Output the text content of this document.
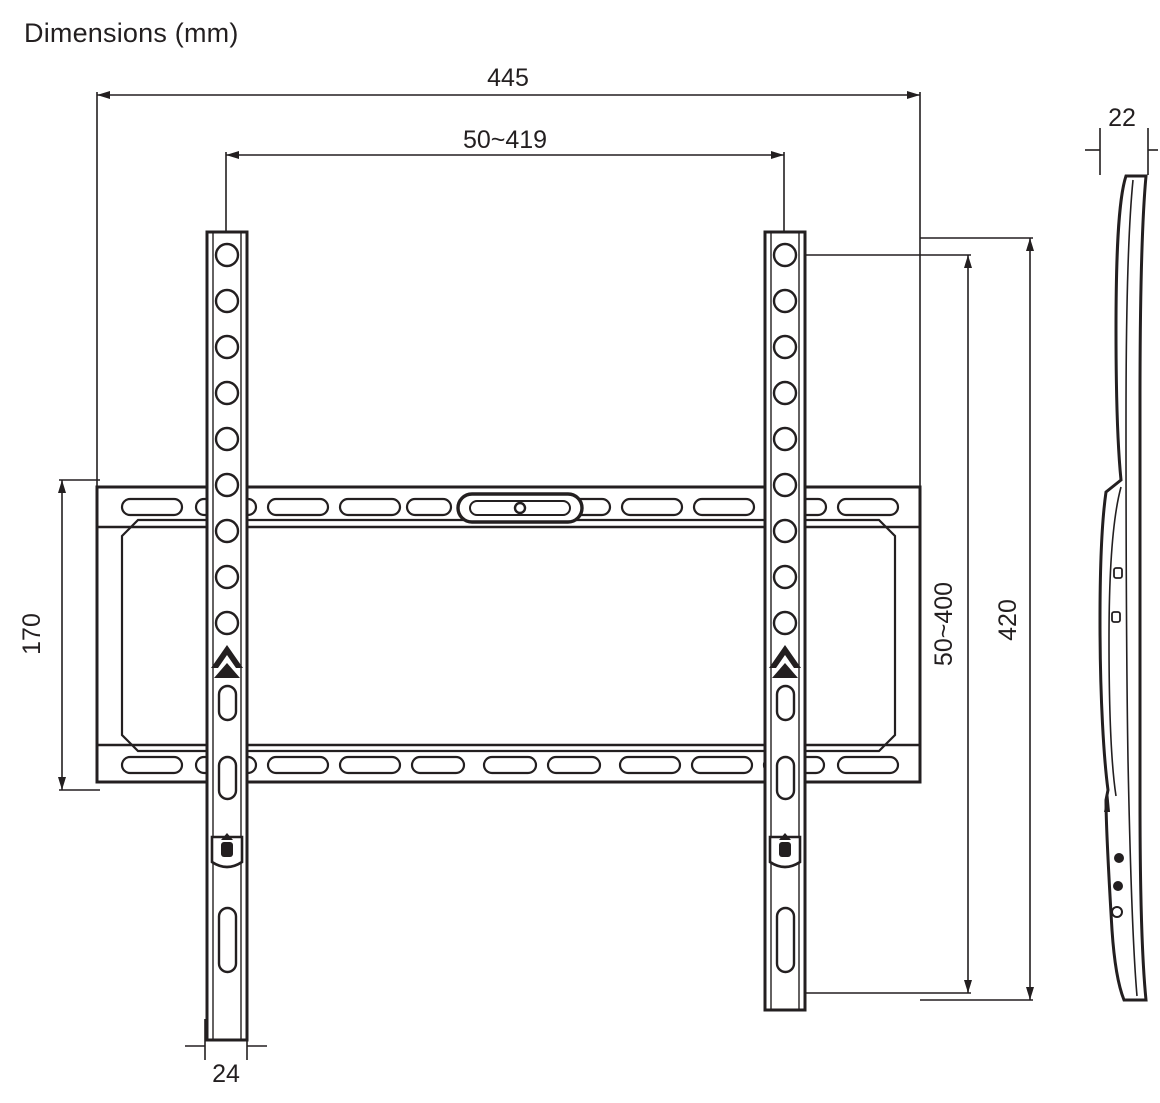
Dimensions (mm)
445
50~419
420
50~400
170
24
22
